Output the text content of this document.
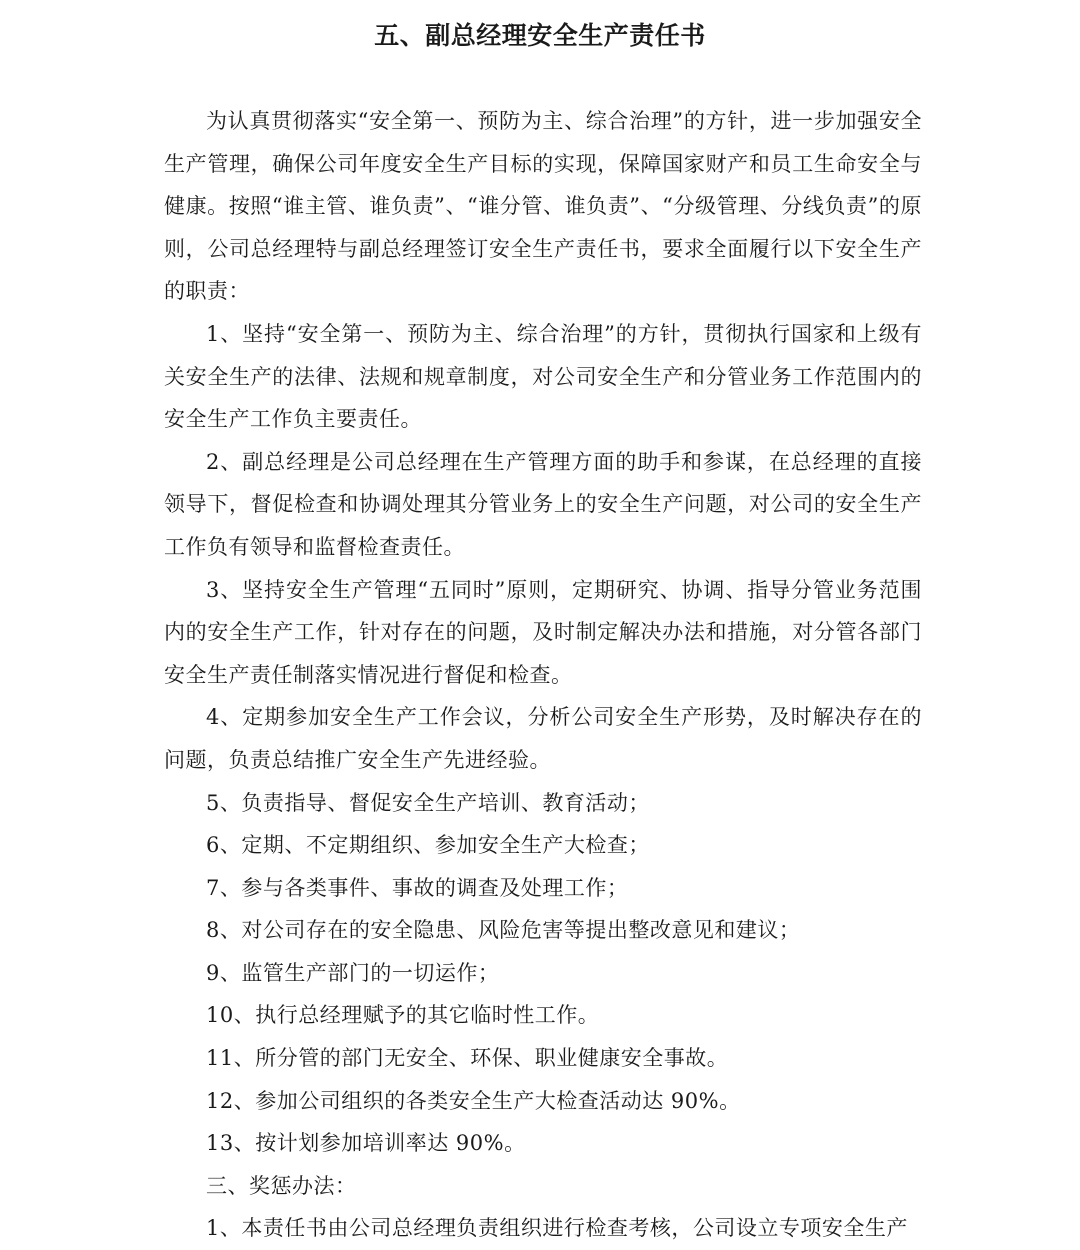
五、副总经理安全生产责任书

为认真贯彻落实“安全第一、预防为主、综合治理”的方针，进一步加强安全生产管理，确保公司年度安全生产目标的实现，保障国家财产和员工生命安全与健康。按照“谁主管、谁负责”、“谁分管、谁负责”、“分级管理、分线负责”的原则，公司总经理特与副总经理签订安全生产责任书，要求全面履行以下安全生产的职责：

1、坚持“安全第一、预防为主、综合治理”的方针，贯彻执行国家和上级有关安全生产的法律、法规和规章制度，对公司安全生产和分管业务工作范围内的安全生产工作负主要责任。

2、副总经理是公司总经理在生产管理方面的助手和参谋，在总经理的直接领导下，督促检查和协调处理其分管业务上的安全生产问题，对公司的安全生产工作负有领导和监督检查责任。

3、坚持安全生产管理“五同时”原则，定期研究、协调、指导分管业务范围内的安全生产工作，针对存在的问题，及时制定解决办法和措施，对分管各部门安全生产责任制落实情况进行督促和检查。

4、定期参加安全生产工作会议，分析公司安全生产形势，及时解决存在的问题，负责总结推广安全生产先进经验。

5、负责指导、督促安全生产培训、教育活动；

6、定期、不定期组织、参加安全生产大检查；

7、参与各类事件、事故的调查及处理工作；

8、对公司存在的安全隐患、风险危害等提出整改意见和建议；

9、监管生产部门的一切运作；

10、执行总经理赋予的其它临时性工作。

11、所分管的部门无安全、环保、职业健康安全事故。

12、参加公司组织的各类安全生产大检查活动达 90%。

13、按计划参加培训率达 90%。

三、奖惩办法：

1、本责任书由公司总经理负责组织进行检查考核，公司设立专项安全生产
